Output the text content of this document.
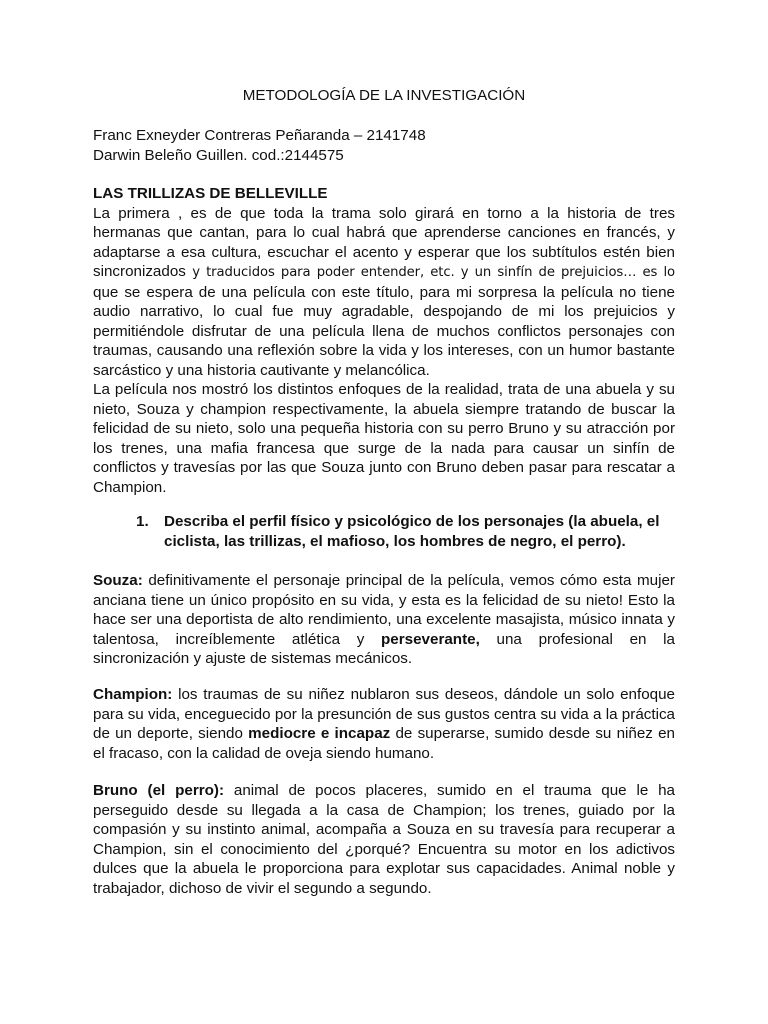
METODOLOGÍA DE LA INVESTIGACIÓN
Franc Exneyder Contreras Peñaranda – 2141748
Darwin Beleño Guillen. cod.:2144575

LAS TRILLIZAS DE BELLEVILLE

La primera , es de que toda la trama solo girará en torno a la historia de tres hermanas que cantan, para lo cual habrá que aprenderse canciones en francés, y adaptarse a esa cultura, escuchar el acento y esperar que los subtítulos estén bien sincronizados y traducidos para poder entender, etc. y un sinfín de prejuicios… es lo que se espera de una película con este título, para mi sorpresa la película no tiene audio narrativo, lo cual fue muy agradable, despojando de mi los prejuicios y permitiéndole disfrutar de una película llena de muchos conflictos personajes con traumas, causando una reflexión sobre la vida y los intereses, con un humor bastante sarcástico y una historia cautivante y melancólica.

La película nos mostró los distintos enfoques de la realidad, trata de una abuela y su nieto, Souza y champion respectivamente, la abuela siempre tratando de buscar la felicidad de su nieto, solo una pequeña historia con su perro Bruno y su atracción por los trenes, una mafia francesa que surge de la nada para causar un sinfín de conflictos y travesías por las que Souza junto con Bruno deben pasar para rescatar a Champion.

1. Describa el perfil físico y psicológico de los personajes (la abuela, el ciclista, las trillizas, el mafioso, los hombres de negro, el perro).

Souza: definitivamente el personaje principal de la película, vemos cómo esta mujer anciana tiene un único propósito en su vida, y esta es la felicidad de su nieto! Esto la hace ser una deportista de alto rendimiento, una excelente masajista, músico innata y talentosa, increíblemente atlética y perseverante, una profesional en la sincronización y ajuste de sistemas mecánicos.

Champion: los traumas de su niñez nublaron sus deseos, dándole un solo enfoque para su vida, enceguecido por la presunción de sus gustos centra su vida a la práctica de un deporte, siendo mediocre e incapaz de superarse, sumido desde su niñez en el fracaso, con la calidad de oveja siendo humano.

Bruno (el perro): animal de pocos placeres, sumido en el trauma que le ha perseguido desde su llegada a la casa de Champion; los trenes, guiado por la compasión y su instinto animal, acompaña a Souza en su travesía para recuperar a Champion, sin el conocimiento del ¿porqué? Encuentra su motor en los adictivos dulces que la abuela le proporciona para explotar sus capacidades. Animal noble y trabajador, dichoso de vivir el segundo a segundo.
